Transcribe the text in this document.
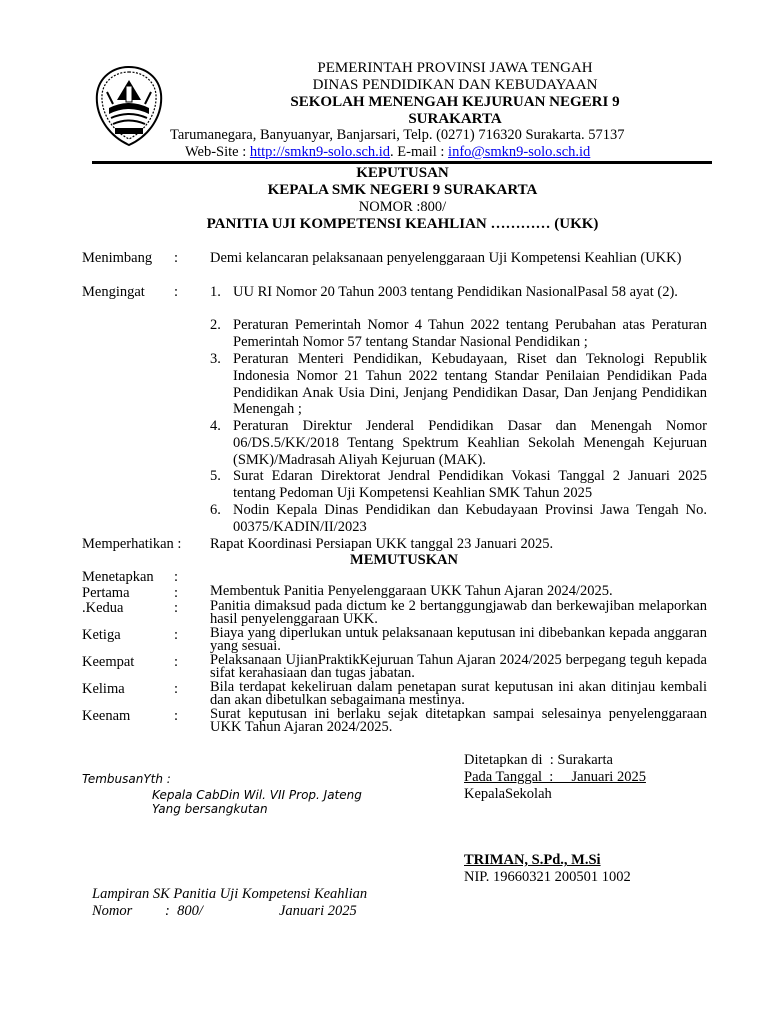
PEMERINTAH PROVINSI JAWA TENGAH
DINAS PENDIDIKAN DAN KEBUDAYAAN
SEKOLAH MENENGAH KEJURUAN NEGERI 9
SURAKARTA
Tarumanegara, Banyuanyar, Banjarsari, Telp. (0271) 716320 Surakarta. 57137
Web-Site : http://smkn9-solo.sch.id. E-mail : info@smkn9-solo.sch.id
KEPUTUSAN
KEPALA SMK NEGERI 9 SURAKARTA
NOMOR :800/
PANITIA UJI KOMPETENSI KEAHLIAN ………… (UKK)
Menimbang : Demi kelancaran pelaksanaan penyelenggaraan Uji Kompetensi Keahlian (UKK)
Mengingat : 1. UU RI Nomor 20 Tahun 2003 tentang Pendidikan NasionalPasal 58 ayat (2).
2. Peraturan Pemerintah Nomor 4 Tahun 2022 tentang Perubahan atas Peraturan Pemerintah Nomor 57 tentang Standar Nasional Pendidikan ;
3. Peraturan Menteri Pendidikan, Kebudayaan, Riset dan Teknologi Republik Indonesia Nomor 21 Tahun 2022 tentang Standar Penilaian Pendidikan Pada Pendidikan Anak Usia Dini, Jenjang Pendidikan Dasar, Dan Jenjang Pendidikan Menengah ;
4. Peraturan Direktur Jenderal Pendidikan Dasar dan Menengah Nomor 06/DS.5/KK/2018 Tentang Spektrum Keahlian Sekolah Menengah Kejuruan (SMK)/Madrasah Aliyah Kejuruan (MAK).
5. Surat Edaran Direktorat Jendral Pendidikan Vokasi Tanggal 2 Januari 2025 tentang Pedoman Uji Kompetensi Keahlian SMK Tahun 2025
6. Nodin Kepala Dinas Pendidikan dan Kebudayaan Provinsi Jawa Tengah No. 00375/KADIN/II/2023
Memperhatikan : Rapat Koordinasi Persiapan UKK tanggal 23 Januari 2025.
MEMUTUSKAN
Menetapkan :
Pertama	: Membentuk Panitia Penyelenggaraan UKK Tahun Ajaran 2024/2025.
.Kedua	: Panitia dimaksud pada dictum ke 2 bertanggungjawab dan berkewajiban melaporkan hasil penyelenggaraan UKK.
Ketiga	: Biaya yang diperlukan untuk pelaksanaan keputusan ini dibebankan kepada anggaran yang sesuai.
Keempat	: Pelaksanaan UjianPraktikKejuruan Tahun Ajaran 2024/2025 berpegang teguh kepada sifat kerahasiaan dan tugas jabatan.
Kelima	: Bila terdapat kekeliruan dalam penetapan surat keputusan ini akan ditinjau kembali dan akan dibetulkan sebagaimana mestinya.
Keenam	: Surat keputusan ini berlaku sejak ditetapkan sampai selesainya penyelenggaraan UKK Tahun Ajaran 2024/2025.
Ditetapkan di  : Surakarta
Pada Tanggal  :     Januari 2025
KepalaSekolah
TRIMAN, S.Pd., M.Si
NIP. 19660321 200501 1002
TembusanYth :
Kepala CabDin Wil. VII Prop. Jateng
Yang bersangkutan
Lampiran SK Panitia Uji Kompetensi Keahlian
Nomor :  800/	Januari 2025
